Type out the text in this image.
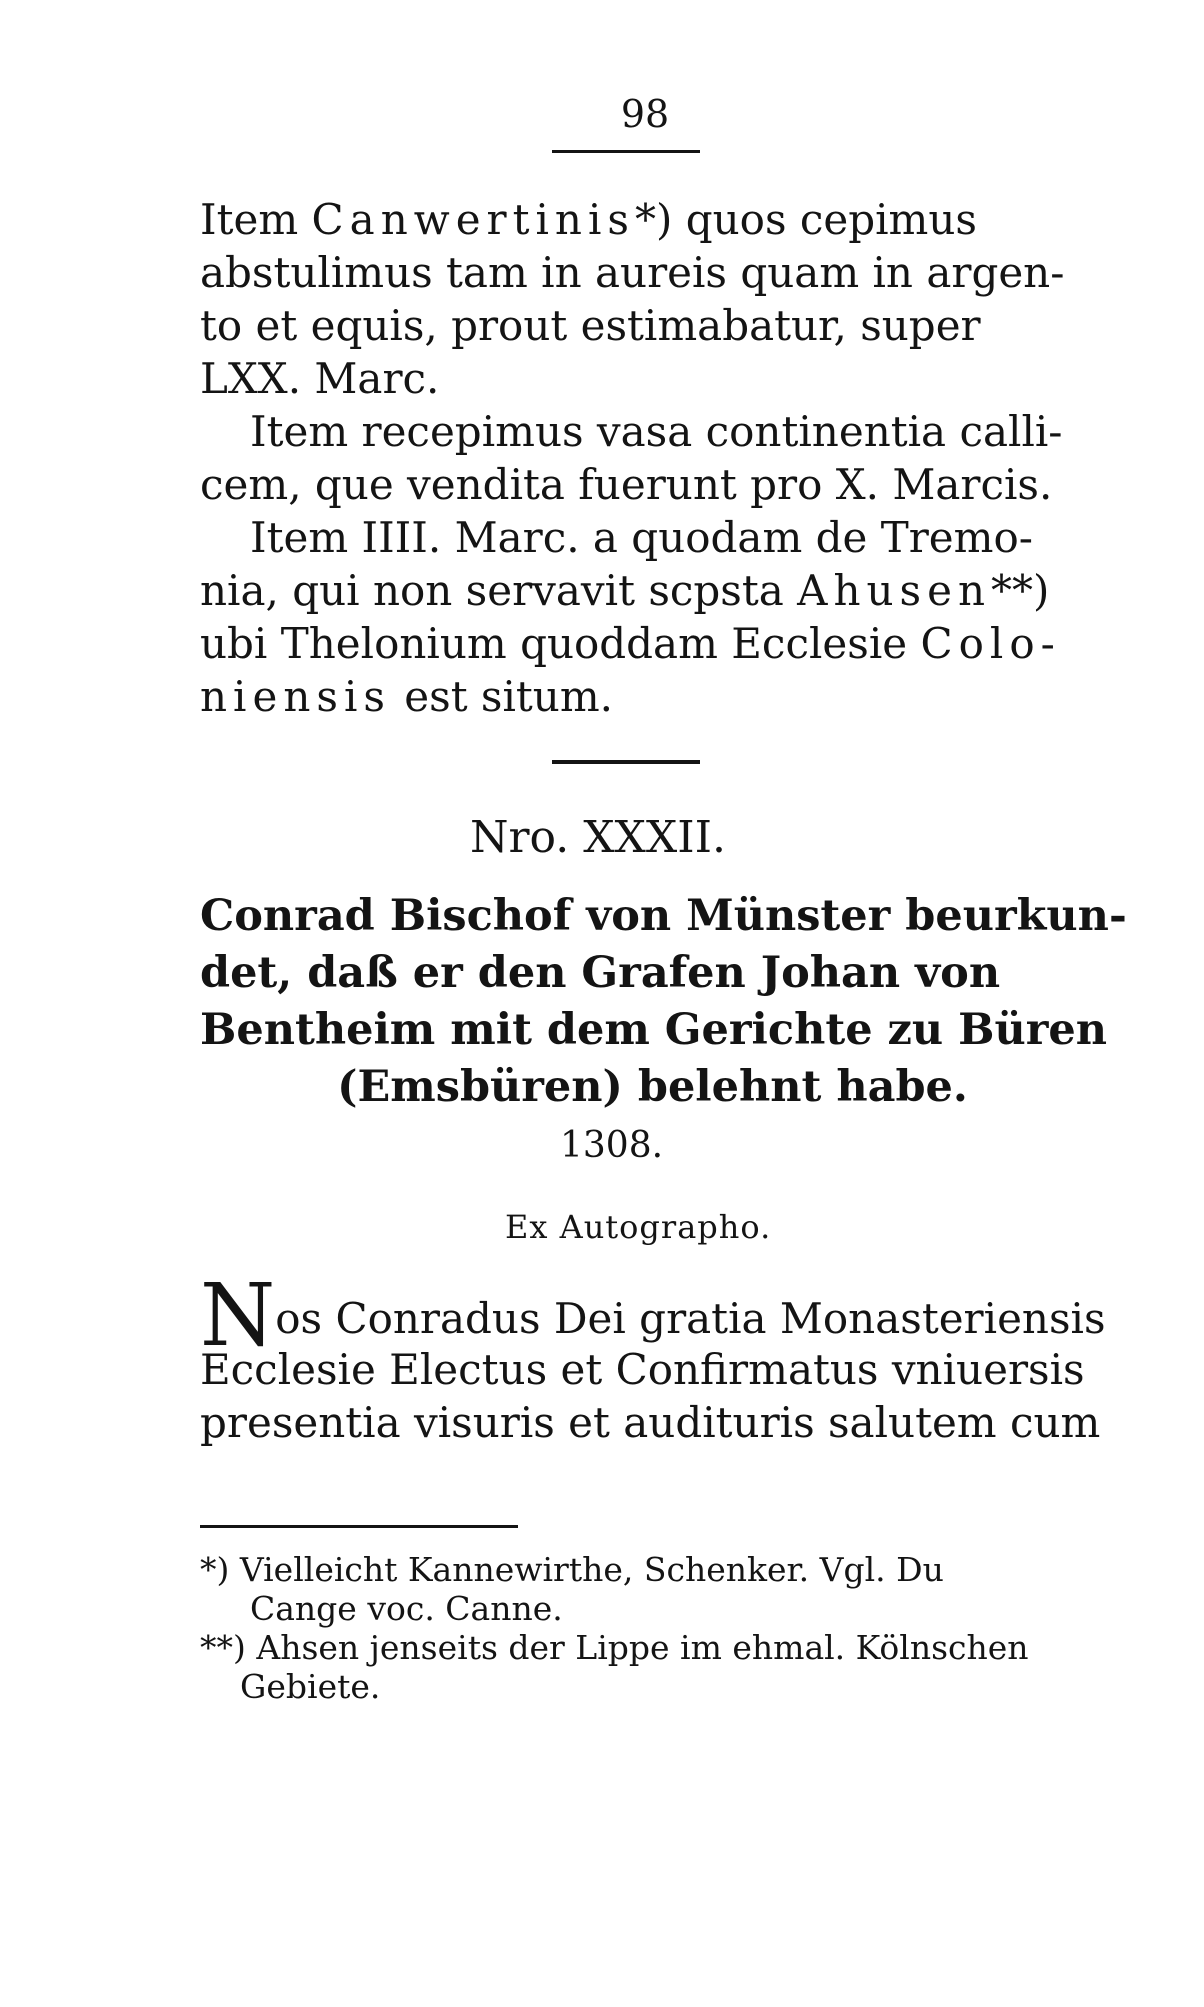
98
Item Canwertinis*) quos cepimus
abstulimus tam in aureis quam in argen-
to et equis, prout estimabatur, super
LXX. Marc.
Item recepimus vasa continentia calli-
cem, que vendita fuerunt pro X. Marcis.
Item IIII. Marc. a quodam de Tremo-
nia, qui non servavit scpsta Ahusen**)
ubi Thelonium quoddam Ecclesie Colo-
niensis est situm.
Nro. XXXII.
Conrad Bischof von Münster beurkun-
det, daß er den Grafen Johan von
Bentheim mit dem Gerichte zu Büren
(Emsbüren) belehnt habe.
1308.
Ex Autographo.
Nos Conradus Dei gratia Monasteriensis
Ecclesie Electus et Confirmatus vniuersis
presentia visuris et audituris salutem cum
*) Vielleicht Kannewirthe, Schenker. Vgl. Du
Cange voc. Canne.
**) Ahsen jenseits der Lippe im ehmal. Kölnschen
Gebiete.
